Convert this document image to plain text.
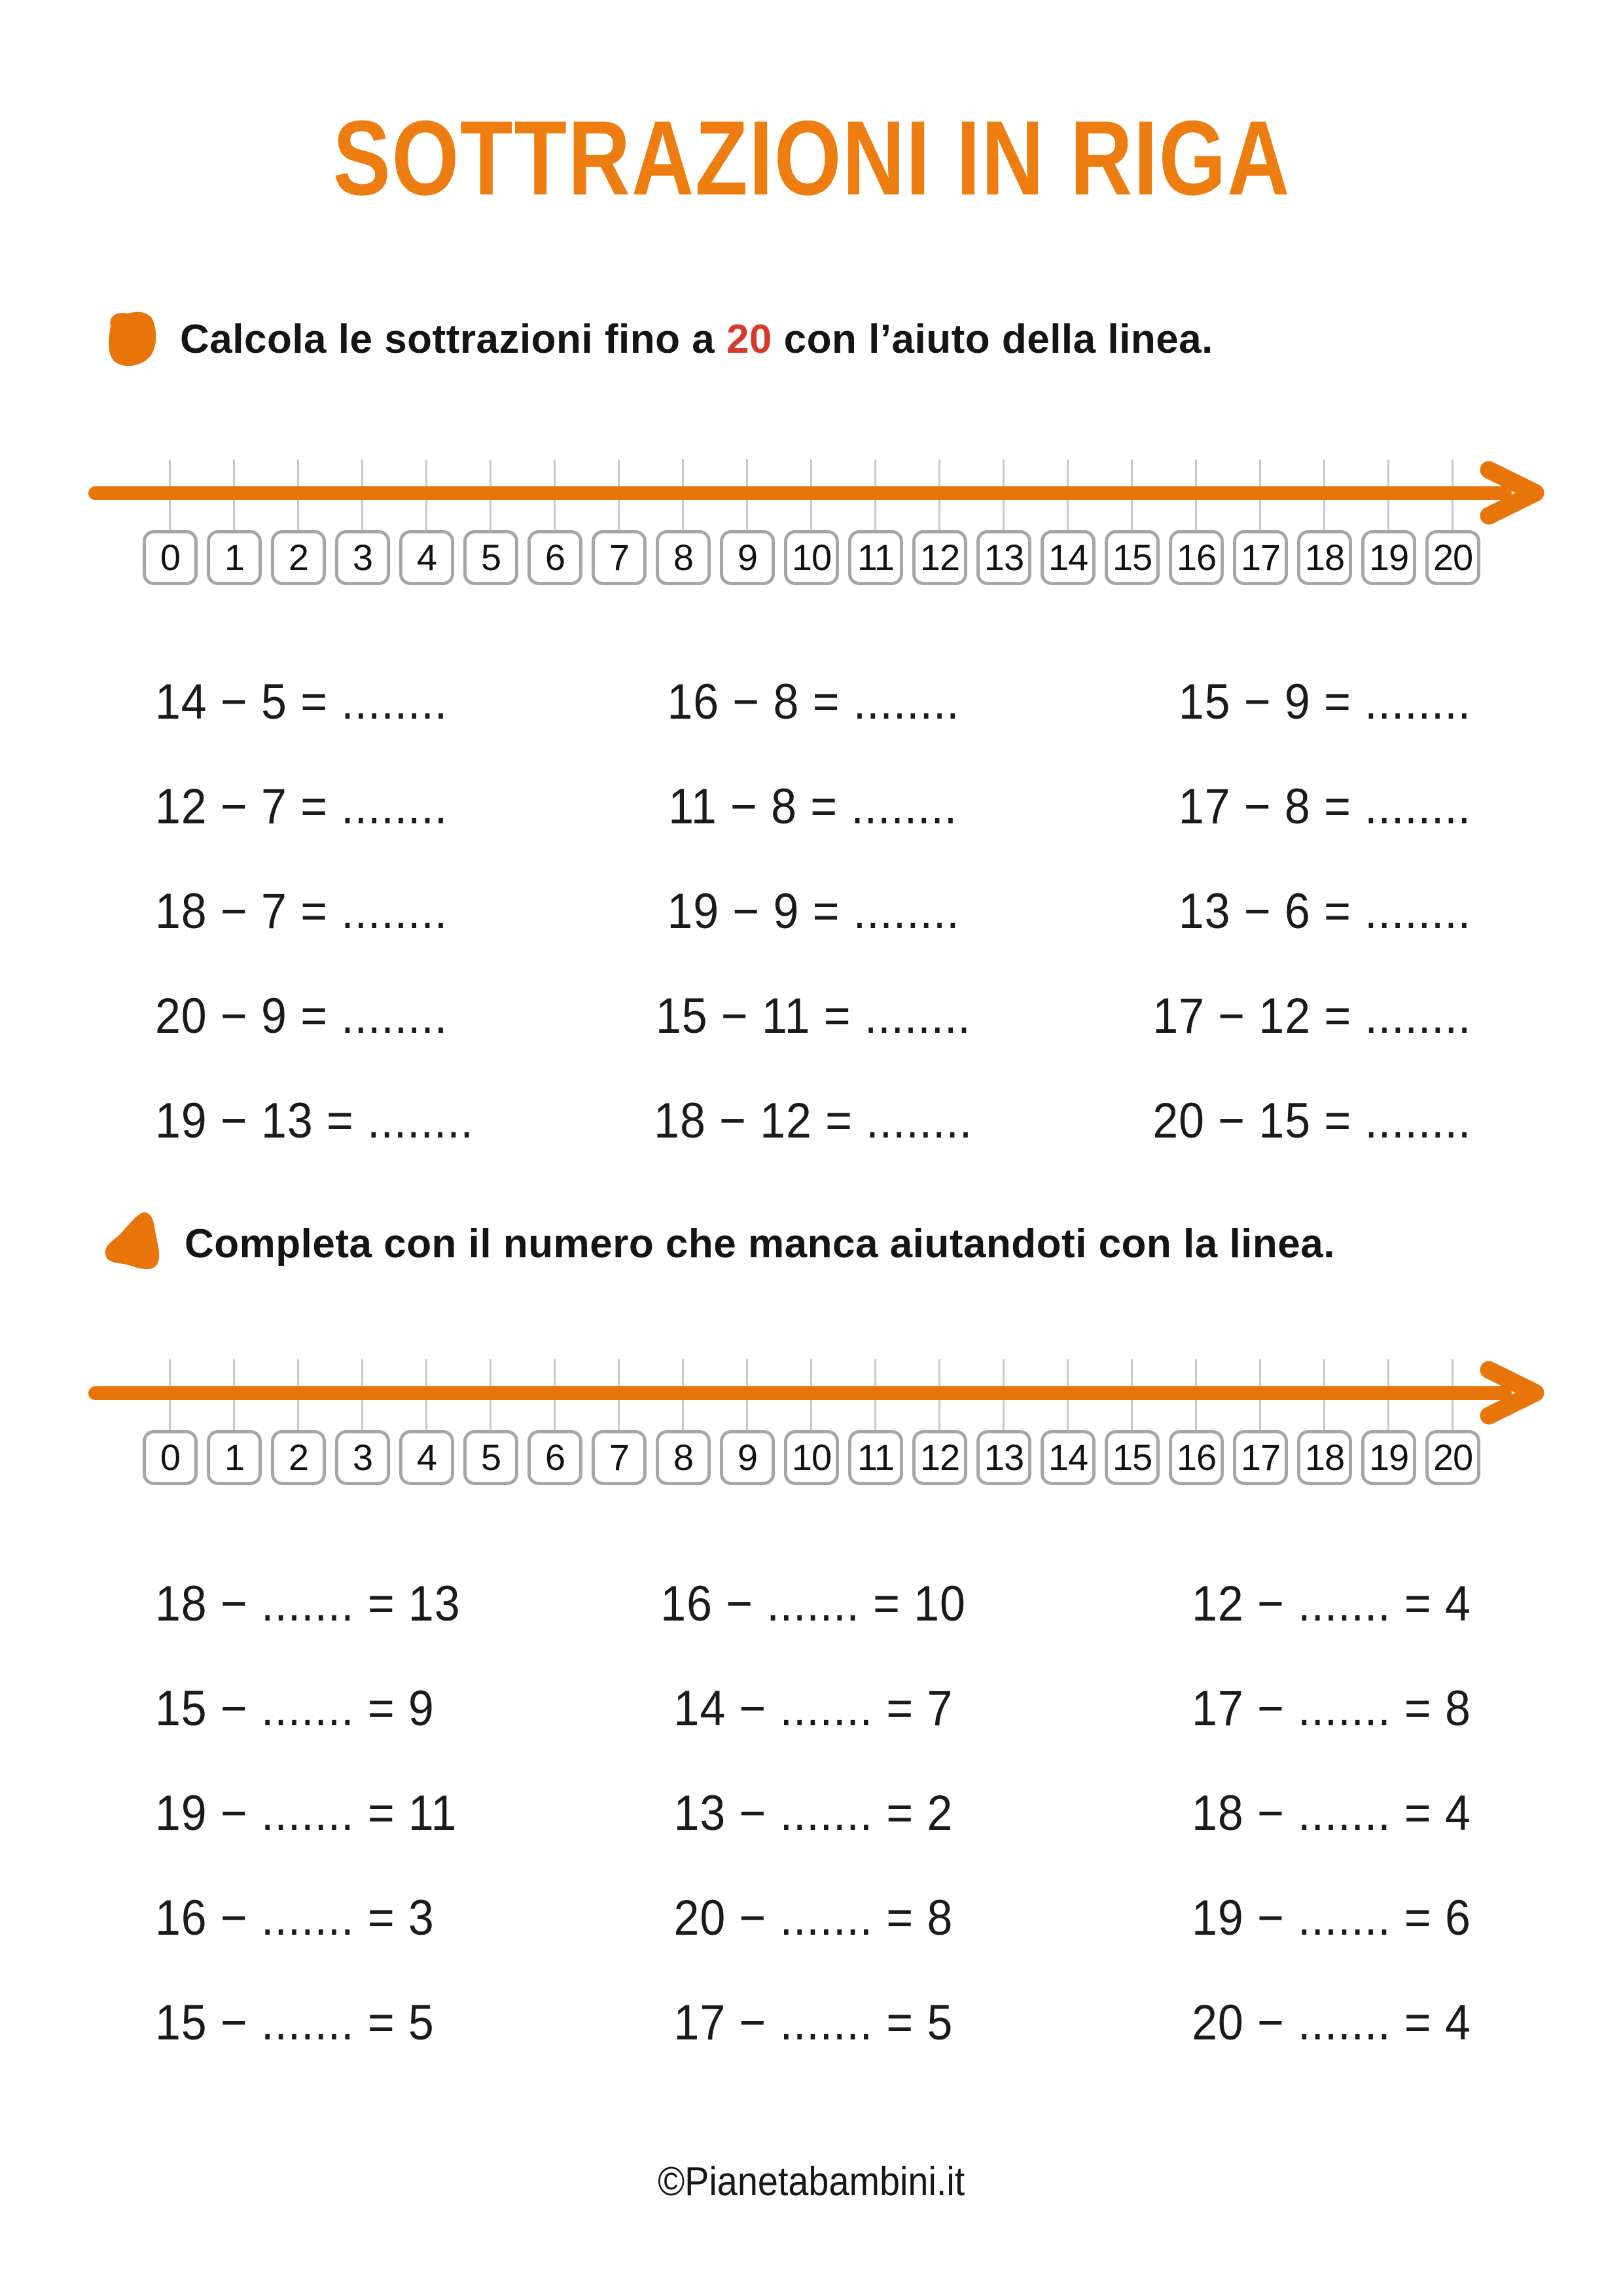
SOTTRAZIONI IN RIGA
Calcola le sottrazioni fino a 20 con l’aiuto della linea.
0 1 2 3 4 5 6 7 8 9 10 11 12 13 14 15 16 17 18 19 20
14 − 5 = ........	16 − 8 = ........	15 − 9 = ........
12 − 7 = ........	11 − 8 = ........	17 − 8 = ........
18 − 7 = ........	19 − 9 = ........	13 − 6 = ........
20 − 9 = ........	15 − 11 = ........	17 − 12 = ........
19 − 13 = ........	18 − 12 = ........	20 − 15 = ........
Completa con il numero che manca aiutandoti con la linea.
0 1 2 3 4 5 6 7 8 9 10 11 12 13 14 15 16 17 18 19 20
18 − ....... = 13	16 − ....... = 10	12 − ....... = 4
15 − ....... = 9	14 − ....... = 7	17 − ....... = 8
19 − ....... = 11	13 − ....... = 2	18 − ....... = 4
16 − ....... = 3	20 − ....... = 8	19 − ....... = 6
15 − ....... = 5	17 − ....... = 5	20 − ....... = 4
©Pianetabambini.it
